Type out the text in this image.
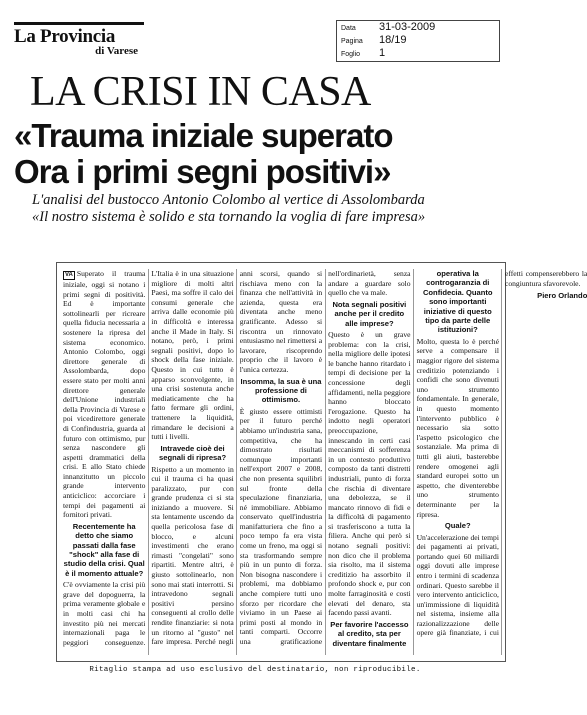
La Provincia
di Varese
Data	31-03-2009
Pagina	18/19
Foglio	1
LA CRISI IN CASA
«Trauma iniziale superato
Ora i primi segni positivi»
L'analisi del bustocco Antonio Colombo al vertice di Assolombarda
«Il nostro sistema è solido e sta tornando la voglia di fare impresa»

VA Superato il trauma iniziale, oggi si notano i primi segni di positività. Ed è importante sottolinearli per ricreare quella fiducia necessaria a sostenere la ripresa del sistema economico. Antonio Colombo, oggi direttore generale di Assolombarda, dopo essere stato per molti anni direttore generale dell'Unione industriali della Provincia di Varese e poi vicedirettore generale di Confindustria, guarda al futuro con ottimismo, pur senza nascondere gli aspetti drammatici della crisi. E allo Stato chiede innanzitutto un piccolo grande intervento anticiclico: accorciare i tempi dei pagamenti ai fornitori privati.

Recentemente ha detto che siamo passati dalla fase "shock" alla fase di studio della crisi. Qual è il momento attuale?

C'è ovviamente la crisi più grave del dopoguerra, la prima veramente globale e in molti casi chi ha investito più nei mercati internazionali paga le peggiori conseguenze. L'Italia è in una situazione migliore di molti altri Paesi, ma soffre il calo dei consumi generale che arriva dalle economie più in difficoltà e interessa anche il Made in Italy. Si notano, però, i primi segnali positivi, dopo lo shock della fase iniziale. Questo in cui tutto è apparso sconvolgente, in una crisi sostenuta anche mediaticamente che ha fatto fermare gli ordini, trattenere la liquidità, rimandare le decisioni a tutti i livelli.

Intravede cioè dei segnali di ripresa?

Rispetto a un momento in cui il trauma ci ha quasi paralizzato, pur con grande prudenza ci si sta iniziando a muovere. Si sta lentamente uscendo da quella pericolosa fase di blocco, e alcuni investimenti che erano rimasti "congelati" sono ripartiti. Mentre altri, è giusto sottolinearlo, non sono mai stati interrotti. Si intravedono segnali positivi persino conseguenti al crollo delle rendite finanziarie: si nota un ritorno al "gusto" nel fare impresa. Perché negli anni scorsi, quando si rischiava meno con la finanza che nell'attività in azienda, questa era diventata anche meno gratificante. Adesso si riscontra un rinnovato entusiasmo nel rimettersi a lavorare, riscoprendo proprio che il lavoro è l'unica certezza.

Insomma, la sua è una professione di ottimismo.

È giusto essere ottimisti per il futuro perché abbiamo un'industria sana, competitiva, che ha dimostrato risultati comunque importanti nell'export 2007 e 2008, che non presenta squilibri sul fronte della speculazione finanziaria, né immobiliare. Abbiamo conservato quell'industria manifatturiera che fino a poco tempo fa era vista come un freno, ma oggi si sta trasformando sempre più in un punto di forza. Non bisogna nascondere i problemi, ma dobbiamo anche compiere tutti uno sforzo per ricordare che viviamo in un Paese ai primi posti al mondo in tanti comparti. Occorre una gratificazione nell'ordinarietà, senza andare a guardare solo quello che va male.

Nota segnali positivi anche per il credito alle imprese?

Questo è un grave problema: con la crisi, nella migliore delle ipotesi le banche hanno ritardato i tempi di decisione per la concessione degli affidamenti, nella peggiore hanno bloccato l'erogazione. Questo ha indotto negli operatori preoccupazione, innescando in certi casi meccanismi di sofferenza in un contesto produttivo composto da tanti distretti industriali, punto di forza che rischia di diventare una debolezza, se il mancato rinnovo di fidi e la difficoltà di pagamento si trasferiscono a tutta la filiera. Anche qui però si notano segnali positivi: non dico che il problema sia risolto, ma il sistema creditizio ha assorbito il profondo shock e, pur con molte farraginosità e costi elevati del denaro, sta facendo passi avanti.

Per favorire l'accesso al credito, sta per diventare finalmente operativa la controgaranzia di Confidecia. Quanto sono importanti iniziative di questo tipo da parte delle istituzioni?

Molto, questa lo è perché serve a compensare il maggior rigore del sistema creditizio potenziando i confidi che sono divenuti uno strumento fondamentale. In generale, in questo momento l'intervento pubblico è necessario sia sotto l'aspetto psicologico che sostanziale. Ma prima di tutti gli aiuti, basterebbe rendere omogenei agli standard europei sotto un aspetto, che diventerebbe uno strumento determinante per la ripresa.

Quale?

Un'accelerazione dei tempi dei pagamenti ai privati, portando quei 60 miliardi oggi dovuti alle imprese entro i termini di scadenza ordinari. Questo sarebbe il vero intervento anticiclico, un'immissione di liquidità nel sistema, insieme alla razionalizzazione delle opere già finanziate, i cui effetti compenserebbero la congiuntura sfavorevole.

Piero Orlando
Ritaglio stampa ad uso esclusivo del destinatario, non riproducibile.
